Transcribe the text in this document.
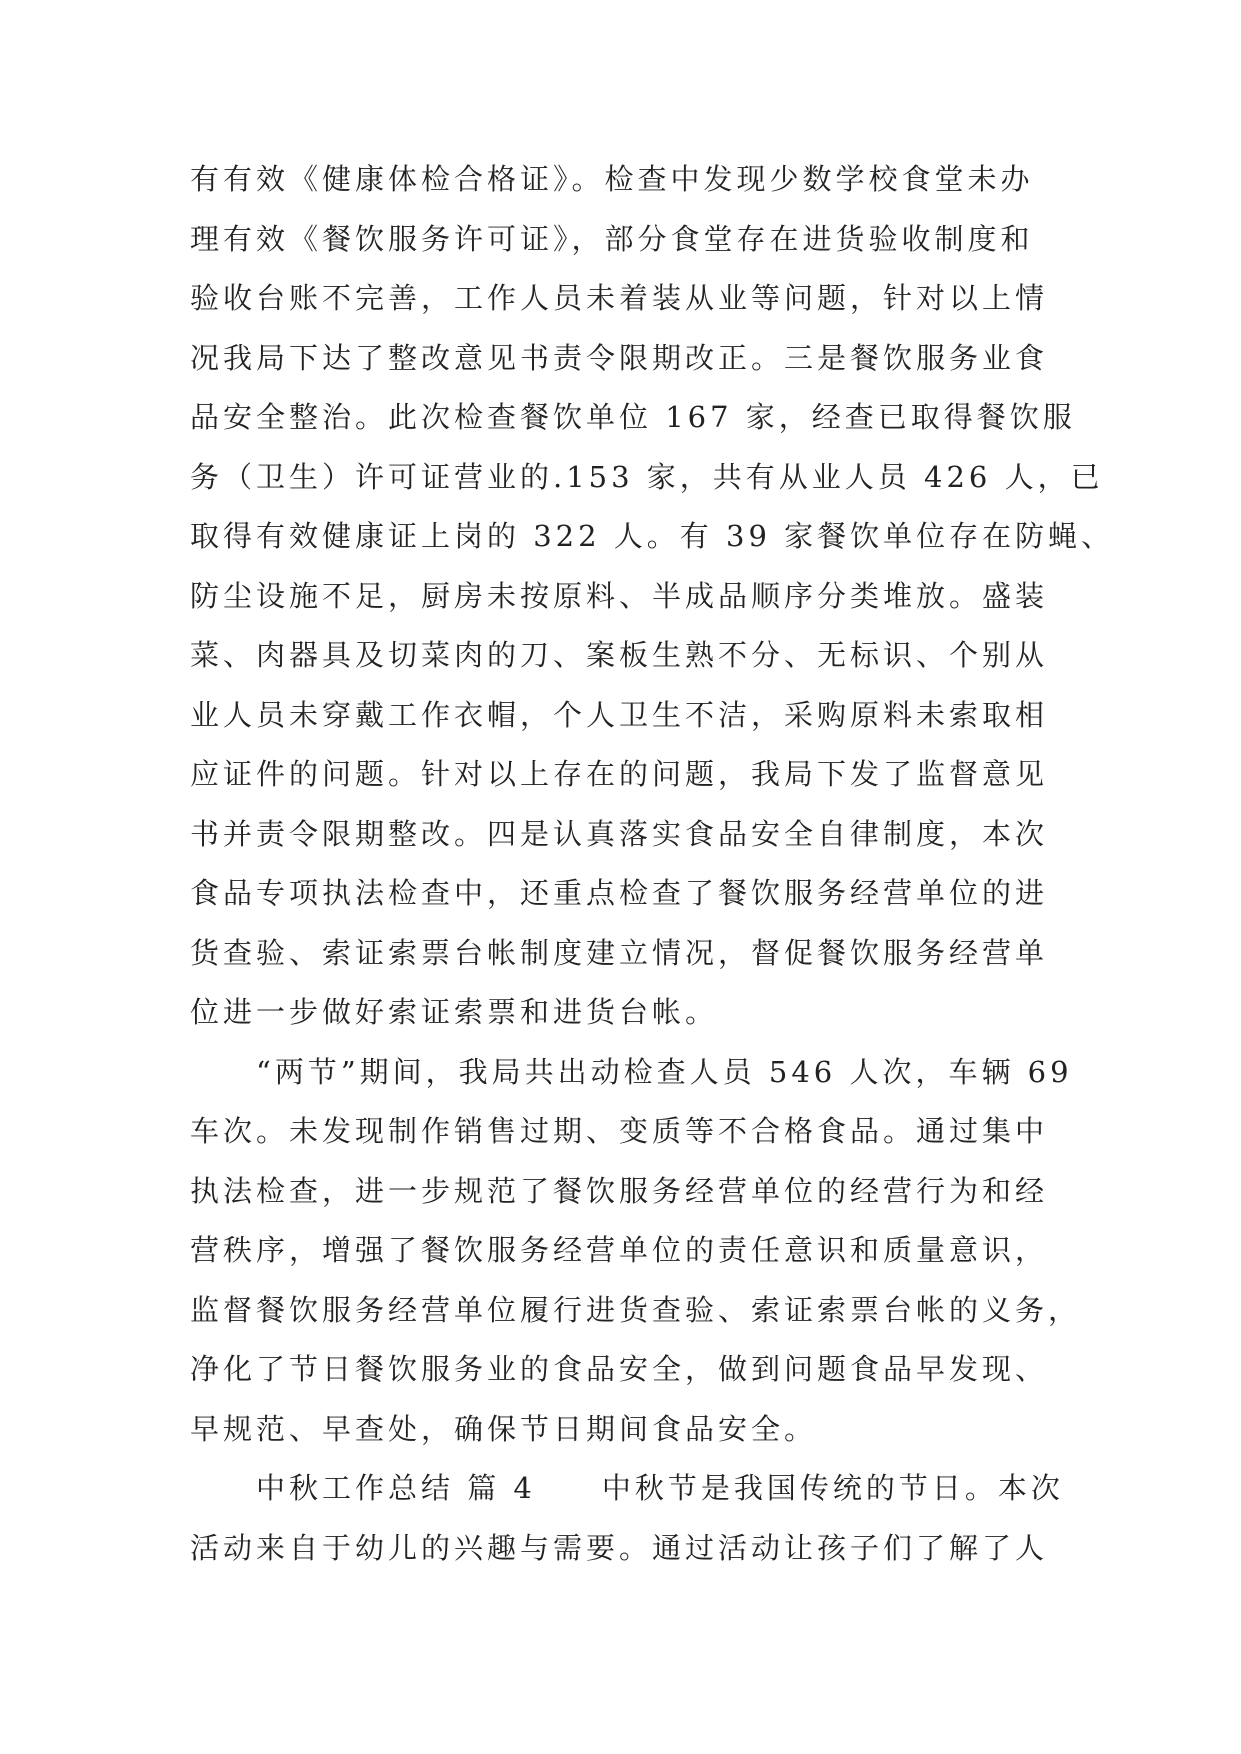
有有效《健康体检合格证》。检查中发现少数学校食堂未办
理有效《餐饮服务许可证》，部分食堂存在进货验收制度和
验收台账不完善，工作人员未着装从业等问题，针对以上情
况我局下达了整改意见书责令限期改正。三是餐饮服务业食
品安全整治。此次检查餐饮单位 167 家，经查已取得餐饮服
务（卫生）许可证营业的.153 家，共有从业人员 426 人，已
取得有效健康证上岗的 322 人。有 39 家餐饮单位存在防蝇、
防尘设施不足，厨房未按原料、半成品顺序分类堆放。盛装
菜、肉器具及切菜肉的刀、案板生熟不分、无标识、个别从
业人员未穿戴工作衣帽，个人卫生不洁，采购原料未索取相
应证件的问题。针对以上存在的问题，我局下发了监督意见
书并责令限期整改。四是认真落实食品安全自律制度，本次
食品专项执法检查中，还重点检查了餐饮服务经营单位的进
货查验、索证索票台帐制度建立情况，督促餐饮服务经营单
位进一步做好索证索票和进货台帐。
　　“两节”期间，我局共出动检查人员 546 人次，车辆 69
车次。未发现制作销售过期、变质等不合格食品。通过集中
执法检查，进一步规范了餐饮服务经营单位的经营行为和经
营秩序，增强了餐饮服务经营单位的责任意识和质量意识，
监督餐饮服务经营单位履行进货查验、索证索票台帐的义务，
净化了节日餐饮服务业的食品安全，做到问题食品早发现、
早规范、早查处，确保节日期间食品安全。
　　中秋工作总结 篇 4　　中秋节是我国传统的节日。本次
活动来自于幼儿的兴趣与需要。通过活动让孩子们了解了人
